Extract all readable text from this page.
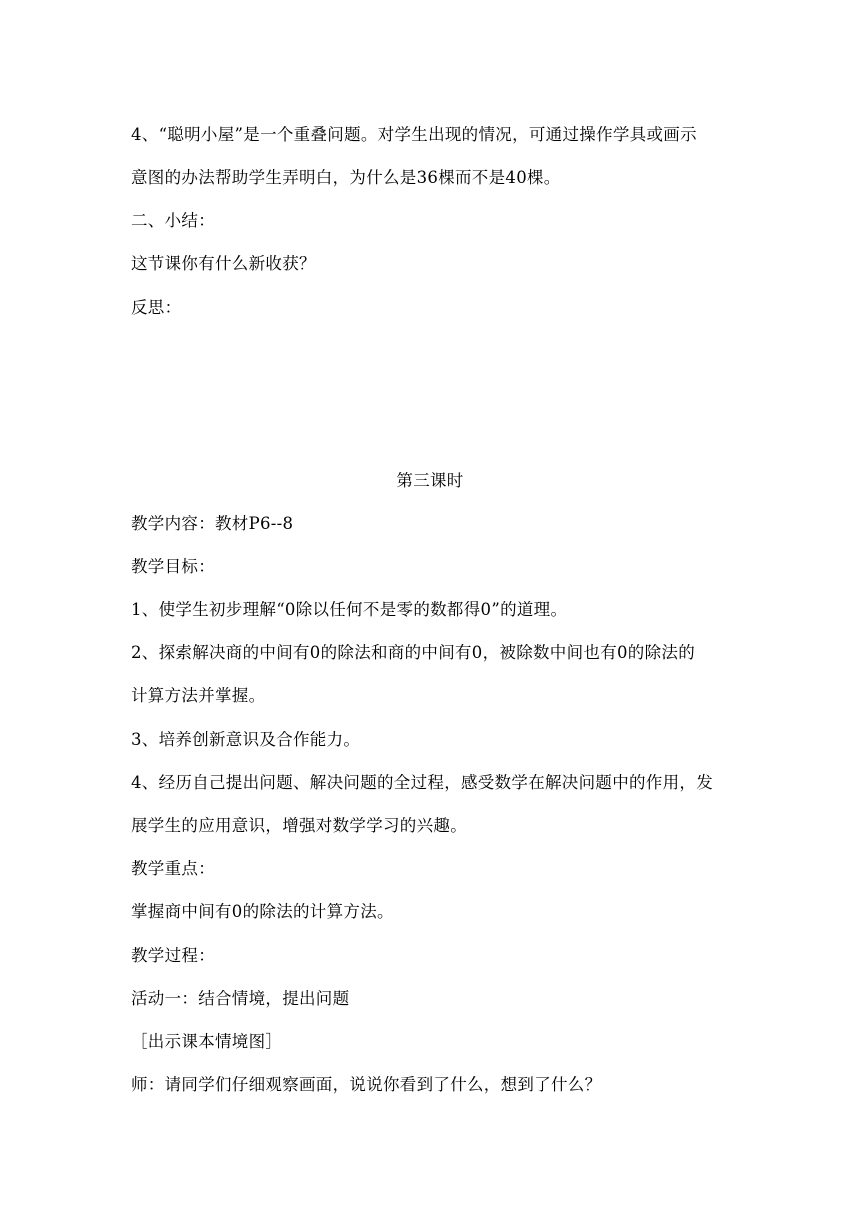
4、“聪明小屋”是一个重叠问题。对学生出现的情况，可通过操作学具或画示
意图的办法帮助学生弄明白，为什么是36棵而不是40棵。
二、小结：
这节课你有什么新收获？
反思：
第三课时
教学内容：教材P6--8
教学目标：
1、使学生初步理解“0除以任何不是零的数都得0”的道理。
2、探索解决商的中间有0的除法和商的中间有0，被除数中间也有0的除法的
计算方法并掌握。
3、培养创新意识及合作能力。
4、经历自己提出问题、解决问题的全过程，感受数学在解决问题中的作用，发
展学生的应用意识，增强对数学学习的兴趣。
教学重点：
掌握商中间有0的除法的计算方法。
教学过程：
活动一：结合情境，提出问题
［出示课本情境图］
师：请同学们仔细观察画面，说说你看到了什么，想到了什么？
